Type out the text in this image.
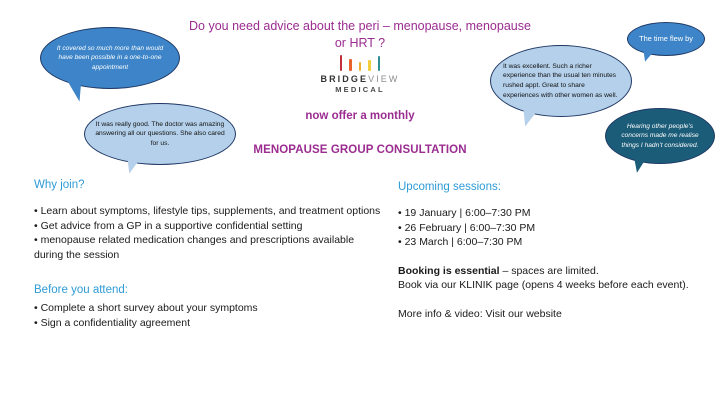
Do you need advice about the peri – menopause, menopause
or HRT ?
BRIDGEVIEW
MEDICAL
now offer a monthly
MENOPAUSE GROUP CONSULTATION
It covered so much more than would have been possible in a one-to-one appointment
It was really good. The doctor was amazing answering all our questions. She also cared for us.
It was excellent. Such a richer experience than the usual ten minutes rushed appt. Great to share experiences with other women as well.
The time flew by
Hearing other people’s concerns made me realise things I hadn’t considered.
Why join?

• Learn about symptoms, lifestyle tips, supplements, and treatment options

• Get advice from a GP in a supportive confidential setting

• menopause related medication changes and prescriptions available during the session

Before you attend:

• Complete a short survey about your symptoms

• Sign a confidentiality agreement

Upcoming sessions:

• 19 January | 6:00–7:30 PM

• 26 February | 6:00–7:30 PM

• 23 March | 6:00–7:30 PM

Booking is essential – spaces are limited.

Book via our KLINIK page (opens 4 weeks before each event).

More info & video: Visit our website
